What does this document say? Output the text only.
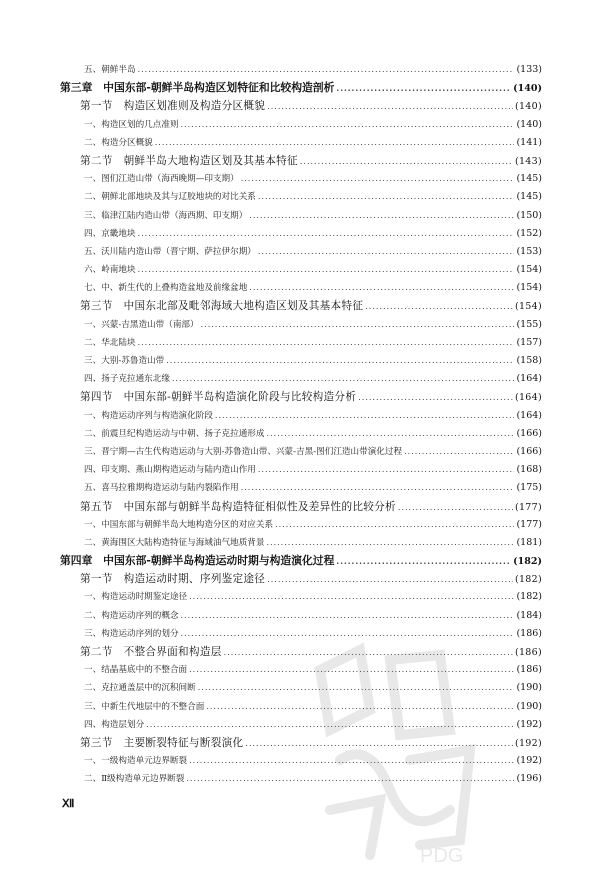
五、朝鲜半岛 .....	(133)
第三章　中国东部-朝鲜半岛构造区划特征和比较构造剖析 .....	(140)
第一节　构造区划准则及构造分区概貌 .....	(140)
一、构造区划的几点准则 .....	(140)
二、构造分区概貌 .....	(141)
第二节　朝鲜半岛大地构造区划及其基本特征 .....	(143)
一、图们江造山带（海西晚期—印支期） .....	(145)
二、朝鲜北部地块及其与辽胶地块的对比关系 .....	(145)
三、临津江陆内造山带（海西期、印支期） .....	(150)
四、京畿地块 .....	(152)
五、沃川陆内造山带（晋宁期、萨拉伊尔期） .....	(153)
六、岭南地块 .....	(154)
七、中、新生代的上叠构造盆地及前缘盆地 .....	(154)
第三节　中国东北部及毗邻海域大地构造区划及其基本特征 .....	(154)
一、兴蒙-吉黑造山带（南部） .....	(155)
二、华北陆块 .....	(157)
三、大别-苏鲁造山带 .....	(158)
四、扬子克拉通东北缘 .....	(164)
第四节　中国东部-朝鲜半岛构造演化阶段与比较构造分析 .....	(164)
一、构造运动序列与构造演化阶段 .....	(164)
二、前震旦纪构造运动与中朝、扬子克拉通形成 .....	(166)
三、晋宁期—古生代构造运动与大别-苏鲁造山带、兴蒙-吉黑-图们江造山带演化过程 .....	(166)
四、印支期、燕山期构造运动与陆内造山作用 .....	(168)
五、喜马拉雅期构造运动与陆内裂陷作用 .....	(175)
第五节　中国东部与朝鲜半岛构造特征相似性及差异性的比较分析 .....	(177)
一、中国东部与朝鲜半岛大地构造分区的对应关系 .....	(177)
二、黄海围区大陆构造特征与海域油气地质背景 .....	(181)
第四章　中国东部-朝鲜半岛构造运动时期与构造演化过程 .....	(182)
第一节　构造运动时期、序列鉴定途径 .....	(182)
一、构造运动时期鉴定途径 .....	(182)
二、构造运动序列的概念 .....	(184)
三、构造运动序列的划分 .....	(186)
第二节　不整合界面和构造层 .....	(186)
一、结晶基底中的不整合面 .....	(186)
二、克拉通盖层中的沉积间断 .....	(190)
三、中新生代地层中的不整合面 .....	(190)
四、构造层划分 .....	(192)
第三节　主要断裂特征与断裂演化 .....	(192)
一、一级构造单元边界断裂 .....	(192)
二、Ⅱ级构造单元边界断裂 .....	(196)
Ⅻ
PDG
